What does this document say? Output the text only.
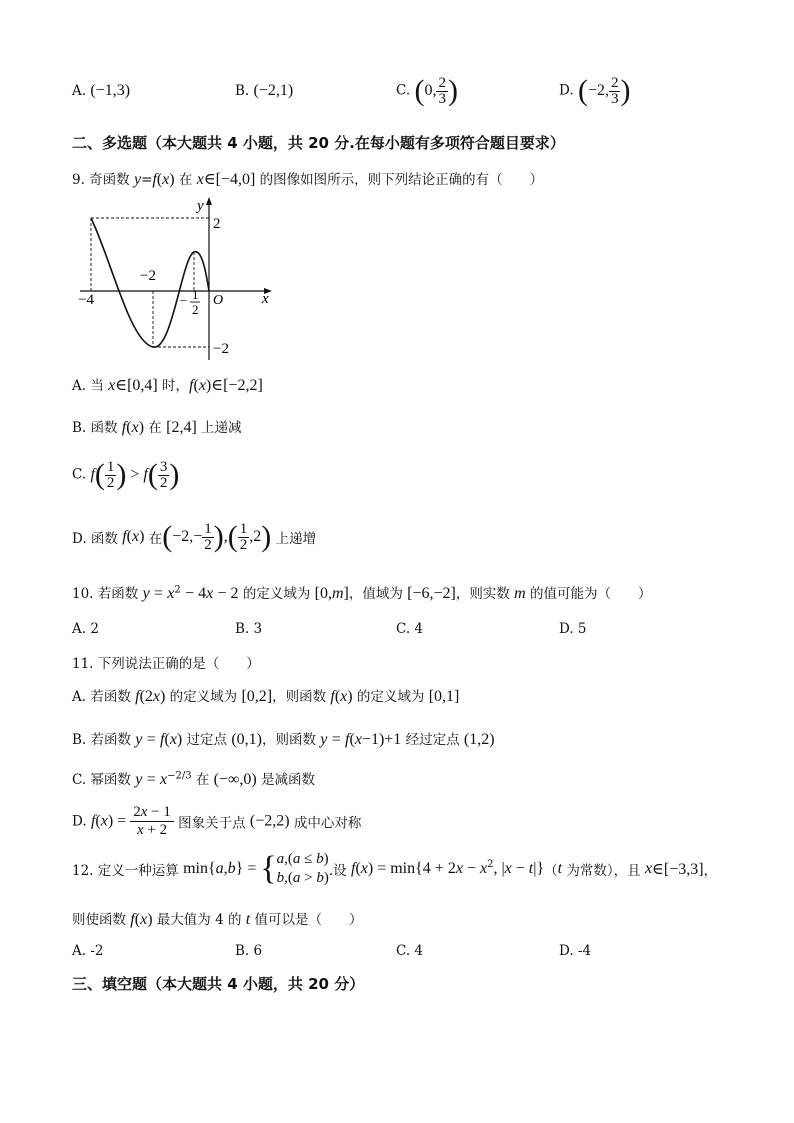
A. (−1,3)	B. (−2,1)	C. (0, $\frac{2}{3}$ )	D. (−2, $\frac{2}{3}$ )
二、多选题（本大题共 4 小题，共 20 分.在每小题有多项符合题目要求）
9. 奇函数 y=f(x) 在 x∈[−4,0] 的图像如图所示，则下列结论正确的有（　　）
y
2
x
O
−4
−2
−2
− 1
2
A. 当 x∈[0,4] 时，f(x)∈[−2,2]
B. 函数 f(x) 在 [2,4] 上递减
C. $f( \frac{1}{2}$ ) > $f( \frac{3}{2}$ )
D. 函数 f(x) 在($-2,- \frac{1}{2}$ ),( $\frac{1}{2} ,2$) 上递增
10. 若函数 $y = x^2 - 4x - 2$ 的定义域为 [0,m]，值域为 [−6,−2]，则实数 m 的值可能为（　　）
A. 2	B. 3	C. 4	D. 5
11. 下列说法正确的是（　　）
A. 若函数 f(2x) 的定义域为 [0,2]，则函数 f(x) 的定义域为 [0,1]
B. 若函数 y = f(x) 过定点 (0,1)，则函数 y = f(x−1)+1 经过定点 (1,2)
C. 幂函数 $y = x^{-2/3}$ 在 (−∞,0) 是减函数
D. $f(x) = \frac{2x - 1}{x + 2}$ 图象关于点 (−2,2) 成中心对称
12. 定义一种运算 min{a,b} = { a,(a ≤ b)
b,(a > b) .设 $f(x) = \min\{4 + 2x - x^2$, |x − t|}（t 为常数），且 x∈[−3,3]，
则使函数 f(x) 最大值为 4 的 t 值可以是（　　）
A. -2	B. 6	C. 4	D. -4
三、填空题（本大题共 4 小题，共 20 分）
